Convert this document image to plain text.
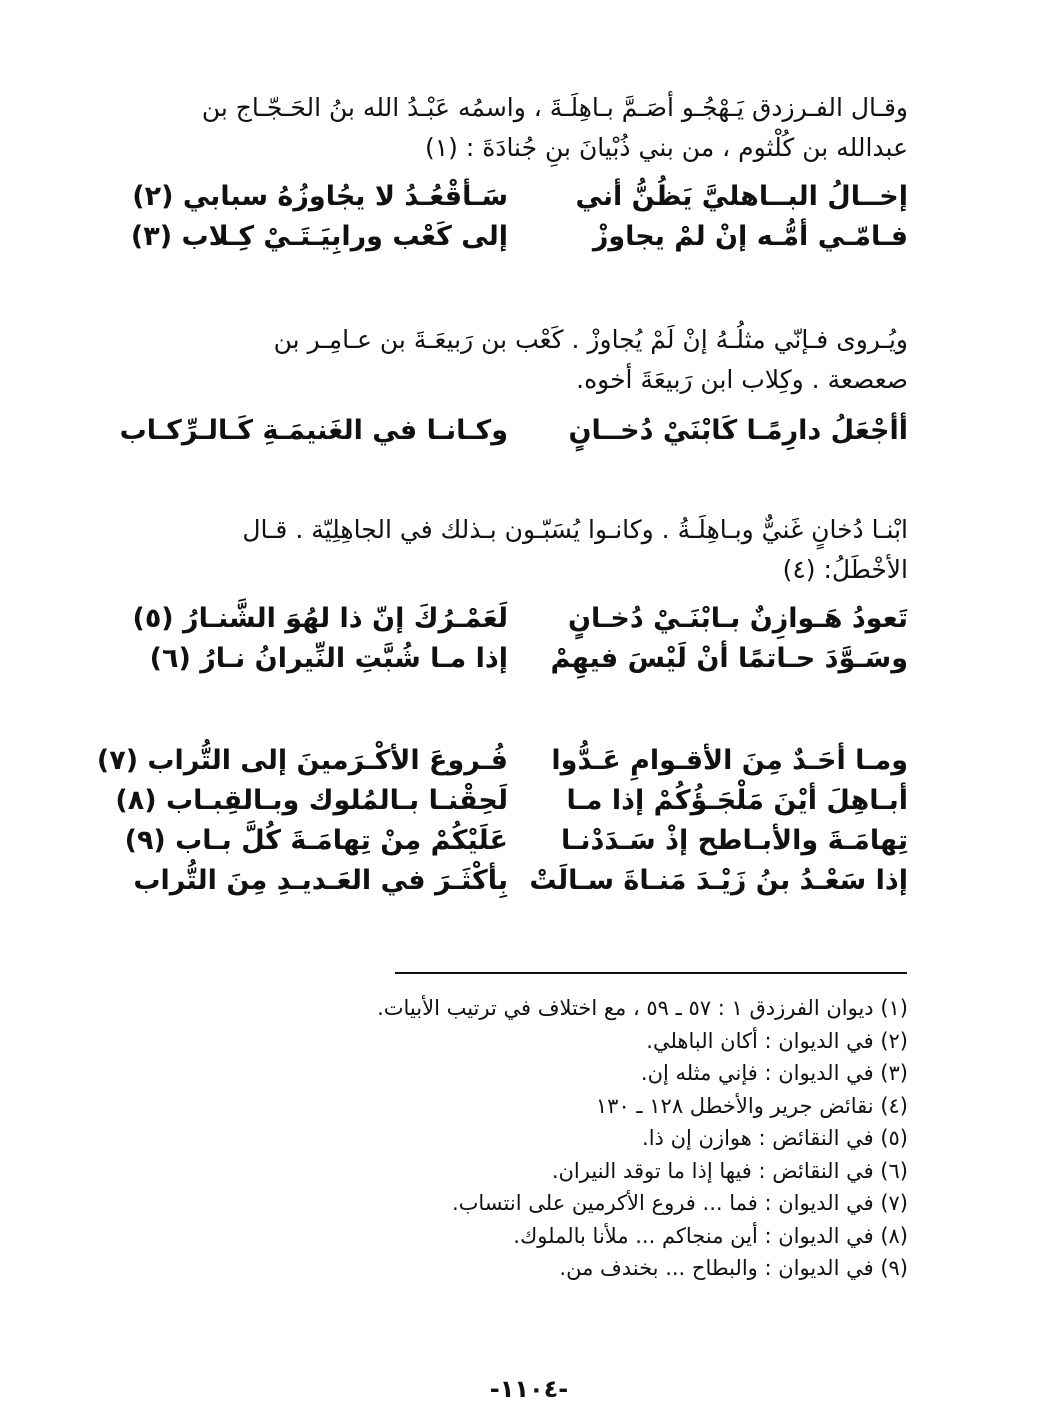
وقـال الفـرزدق يَـهْجُـو أصَـمَّ بـاهِلَـةَ ، واسمُه عَبْـدُ الله بنُ الحَـجّـاج بن
عبدالله بن كُلْثوم ، من بني ذُبْيانَ بنِ جُنادَةَ : (١)
إخــالُ البــاهليَّ يَظُنُّ أني
سَـأقْعُـدُ لا يجُاوزُهُ سبابي (٢)
فـامّـي أمُّـه إنْ لمْ يجاوزْ
إلى كَعْب ورابِيَـتَـيْ كِـلاب (٣)
ويُـروى فـإنّي مثلُـهُ إنْ لَمْ يُجاوزْ . كَعْب بن رَبيعَـةَ بن عـامِـر بن
صعصعة . وكِلاب ابن رَبيعَةَ أخوه.
أأجْعَلُ دارِمًـا كَابْنَيْ دُخــانٍ
وكـانـا في الغَنيمَـةِ كَـالـرِّكـاب
ابْنـا دُخانٍ غَنيٌّ وبـاهِلَـةُ . وكانـوا يُسَبّـون بـذلك في الجاهِلِيّة . قـال
الأخْطَلُ: (٤)
تَعودُ هَـوازِنٌ بـابْنَـيْ دُخـانٍ
لَعَمْـرُكَ إنّ ذا لهُوَ الشَّنـارُ (٥)
وسَـوَّدَ حـاتمًا أنْ لَيْسَ فيهِمْ
إذا مـا شُبَّتِ النِّيرانُ نـارُ (٦)
ومـا أحَـدٌ مِنَ الأقـوامِ عَـدُّوا
فُـروعَ الأكْـرَمينَ إلى التُّراب (٧)
أبـاهِلَ أيْنَ مَلْجَـؤُكُمْ إذا مـا
لَحِقْنـا بـالمُلوك وبـالقِبـاب (٨)
تِهامَـةَ والأبـاطح إذْ سَـدَدْنـا
عَلَيْكُمْ مِنْ تِهامَـةَ كُلَّ بـاب (٩)
إذا سَعْـدُ بنُ زَيْـدَ مَنـاةَ سـالَتْ
بِأكْثَـرَ في العَـديـدِ مِنَ التُّراب
(١) ديوان الفرزدق ١ : ٥٧ ـ ٥٩ ، مع اختلاف في ترتيب الأبيات.
(٢) في الديوان : أكان الباهلي.
(٣) في الديوان : فإني مثله إن.
(٤) نقائض جرير والأخطل ١٢٨ ـ ١٣٠
(٥) في النقائض : هوازن إن ذا.
(٦) في النقائض : فيها إذا ما توقد النيران.
(٧) في الديوان : فما ... فروع الأكرمين على انتساب.
(٨) في الديوان : أين منجاكم ... ملأنا بالملوك.
(٩) في الديوان : والبطاح ... بخندف من.
-١١٠٤-
